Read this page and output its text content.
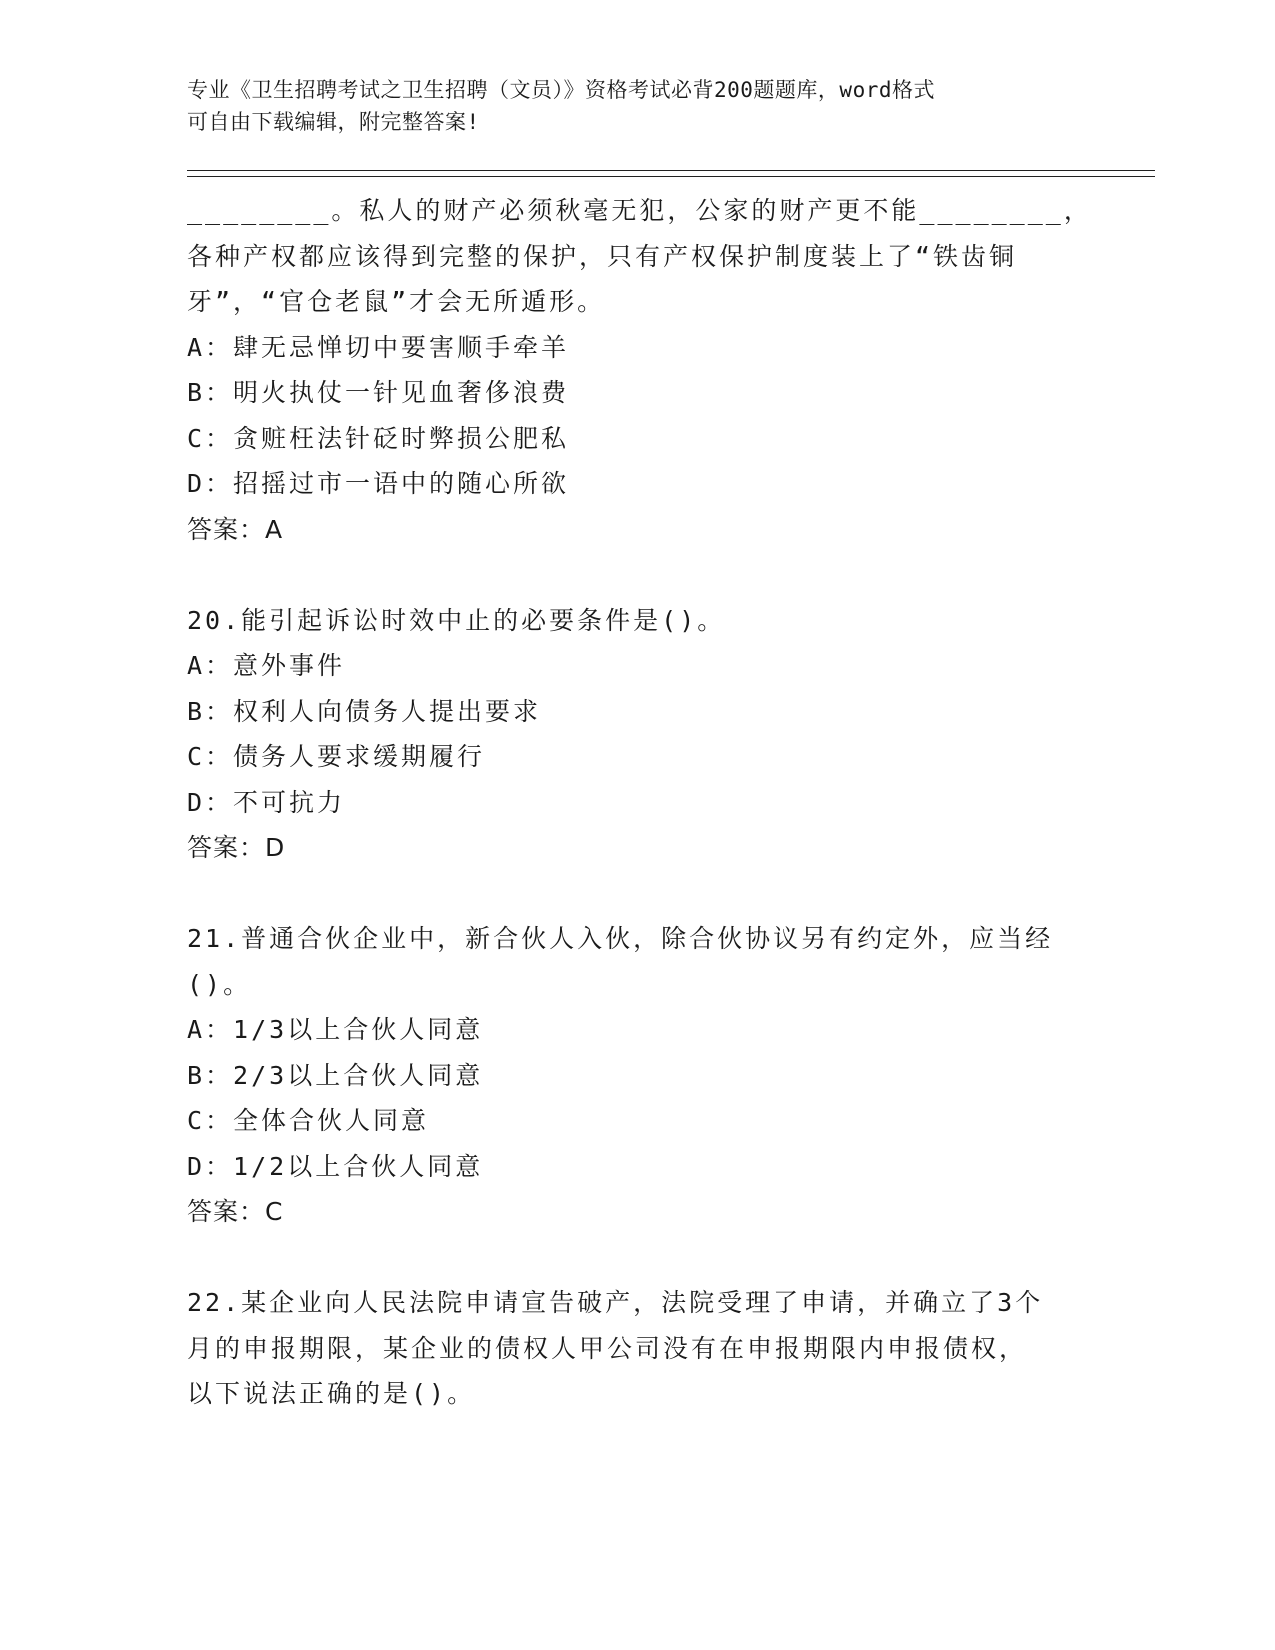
专业《卫生招聘考试之卫生招聘（文员）》资格考试必背200题题库，word格式
可自由下载编辑，附完整答案!
________。私人的财产必须秋毫无犯，公家的财产更不能________，
各种产权都应该得到完整的保护，只有产权保护制度装上了“铁齿铜
牙”，“官仓老鼠”才会无所遁形。
A：肆无忌惮切中要害顺手牵羊
B：明火执仗一针见血奢侈浪费
C：贪赃枉法针砭时弊损公肥私
D：招摇过市一语中的随心所欲
答案：A
20.能引起诉讼时效中止的必要条件是()。
A：意外事件
B：权利人向债务人提出要求
C：债务人要求缓期履行
D：不可抗力
答案：D
21.普通合伙企业中，新合伙人入伙，除合伙协议另有约定外，应当经
()。
A：1/3以上合伙人同意
B：2/3以上合伙人同意
C：全体合伙人同意
D：1/2以上合伙人同意
答案：C
22.某企业向人民法院申请宣告破产，法院受理了申请，并确立了3个
月的申报期限，某企业的债权人甲公司没有在申报期限内申报债权，
以下说法正确的是()。
